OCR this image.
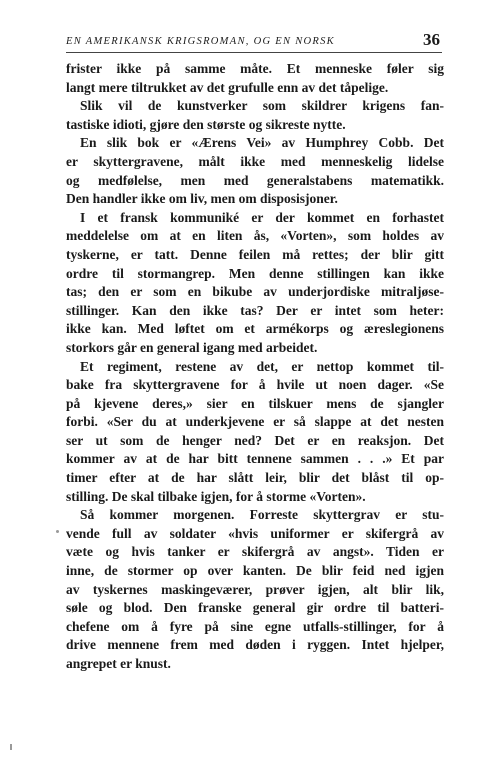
EN AMERIKANSK KRIGSROMAN, OG EN NORSK	36
frister ikke på samme måte. Et menneske føler sig
langt mere tiltrukket av det grufulle enn av det tåpelige.
Slik vil de kunstverker som skildrer krigens fan-
tastiske idioti, gjøre den største og sikreste nytte.
En slik bok er «Ærens Vei» av Humphrey Cobb. Det
er skyttergravene, målt ikke med menneskelig lidelse
og medfølelse, men med generalstabens matematikk.
Den handler ikke om liv, men om disposisjoner.
I et fransk kommuniké er der kommet en forhastet
meddelelse om at en liten ås, «Vorten», som holdes av
tyskerne, er tatt. Denne feilen må rettes; der blir gitt
ordre til stormangrep. Men denne stillingen kan ikke
tas; den er som en bikube av underjordiske mitraljøse-
stillinger. Kan den ikke tas? Der er intet som heter:
ikke kan. Med løftet om et armékorps og æreslegionens
storkors går en general igang med arbeidet.
Et regiment, restene av det, er nettop kommet til-
bake fra skyttergravene for å hvile ut noen dager. «Se
på kjevene deres,» sier en tilskuer mens de sjangler
forbi. «Ser du at underkjevene er så slappe at det nesten
ser ut som de henger ned? Det er en reaksjon. Det
kommer av at de har bitt tennene sammen . . .» Et par
timer efter at de har slått leir, blir det blåst til op-
stilling. De skal tilbake igjen, for å storme «Vorten».
Så kommer morgenen. Forreste skyttergrav er stu-
vende full av soldater «hvis uniformer er skifergrå av
væte og hvis tanker er skifergrå av angst». Tiden er
inne, de stormer op over kanten. De blir feid ned igjen
av tyskernes maskingeværer, prøver igjen, alt blir lik,
søle og blod. Den franske general gir ordre til batteri-
chefene om å fyre på sine egne utfalls-stillinger, for å
drive mennene frem med døden i ryggen. Intet hjelper,
angrepet er knust.
